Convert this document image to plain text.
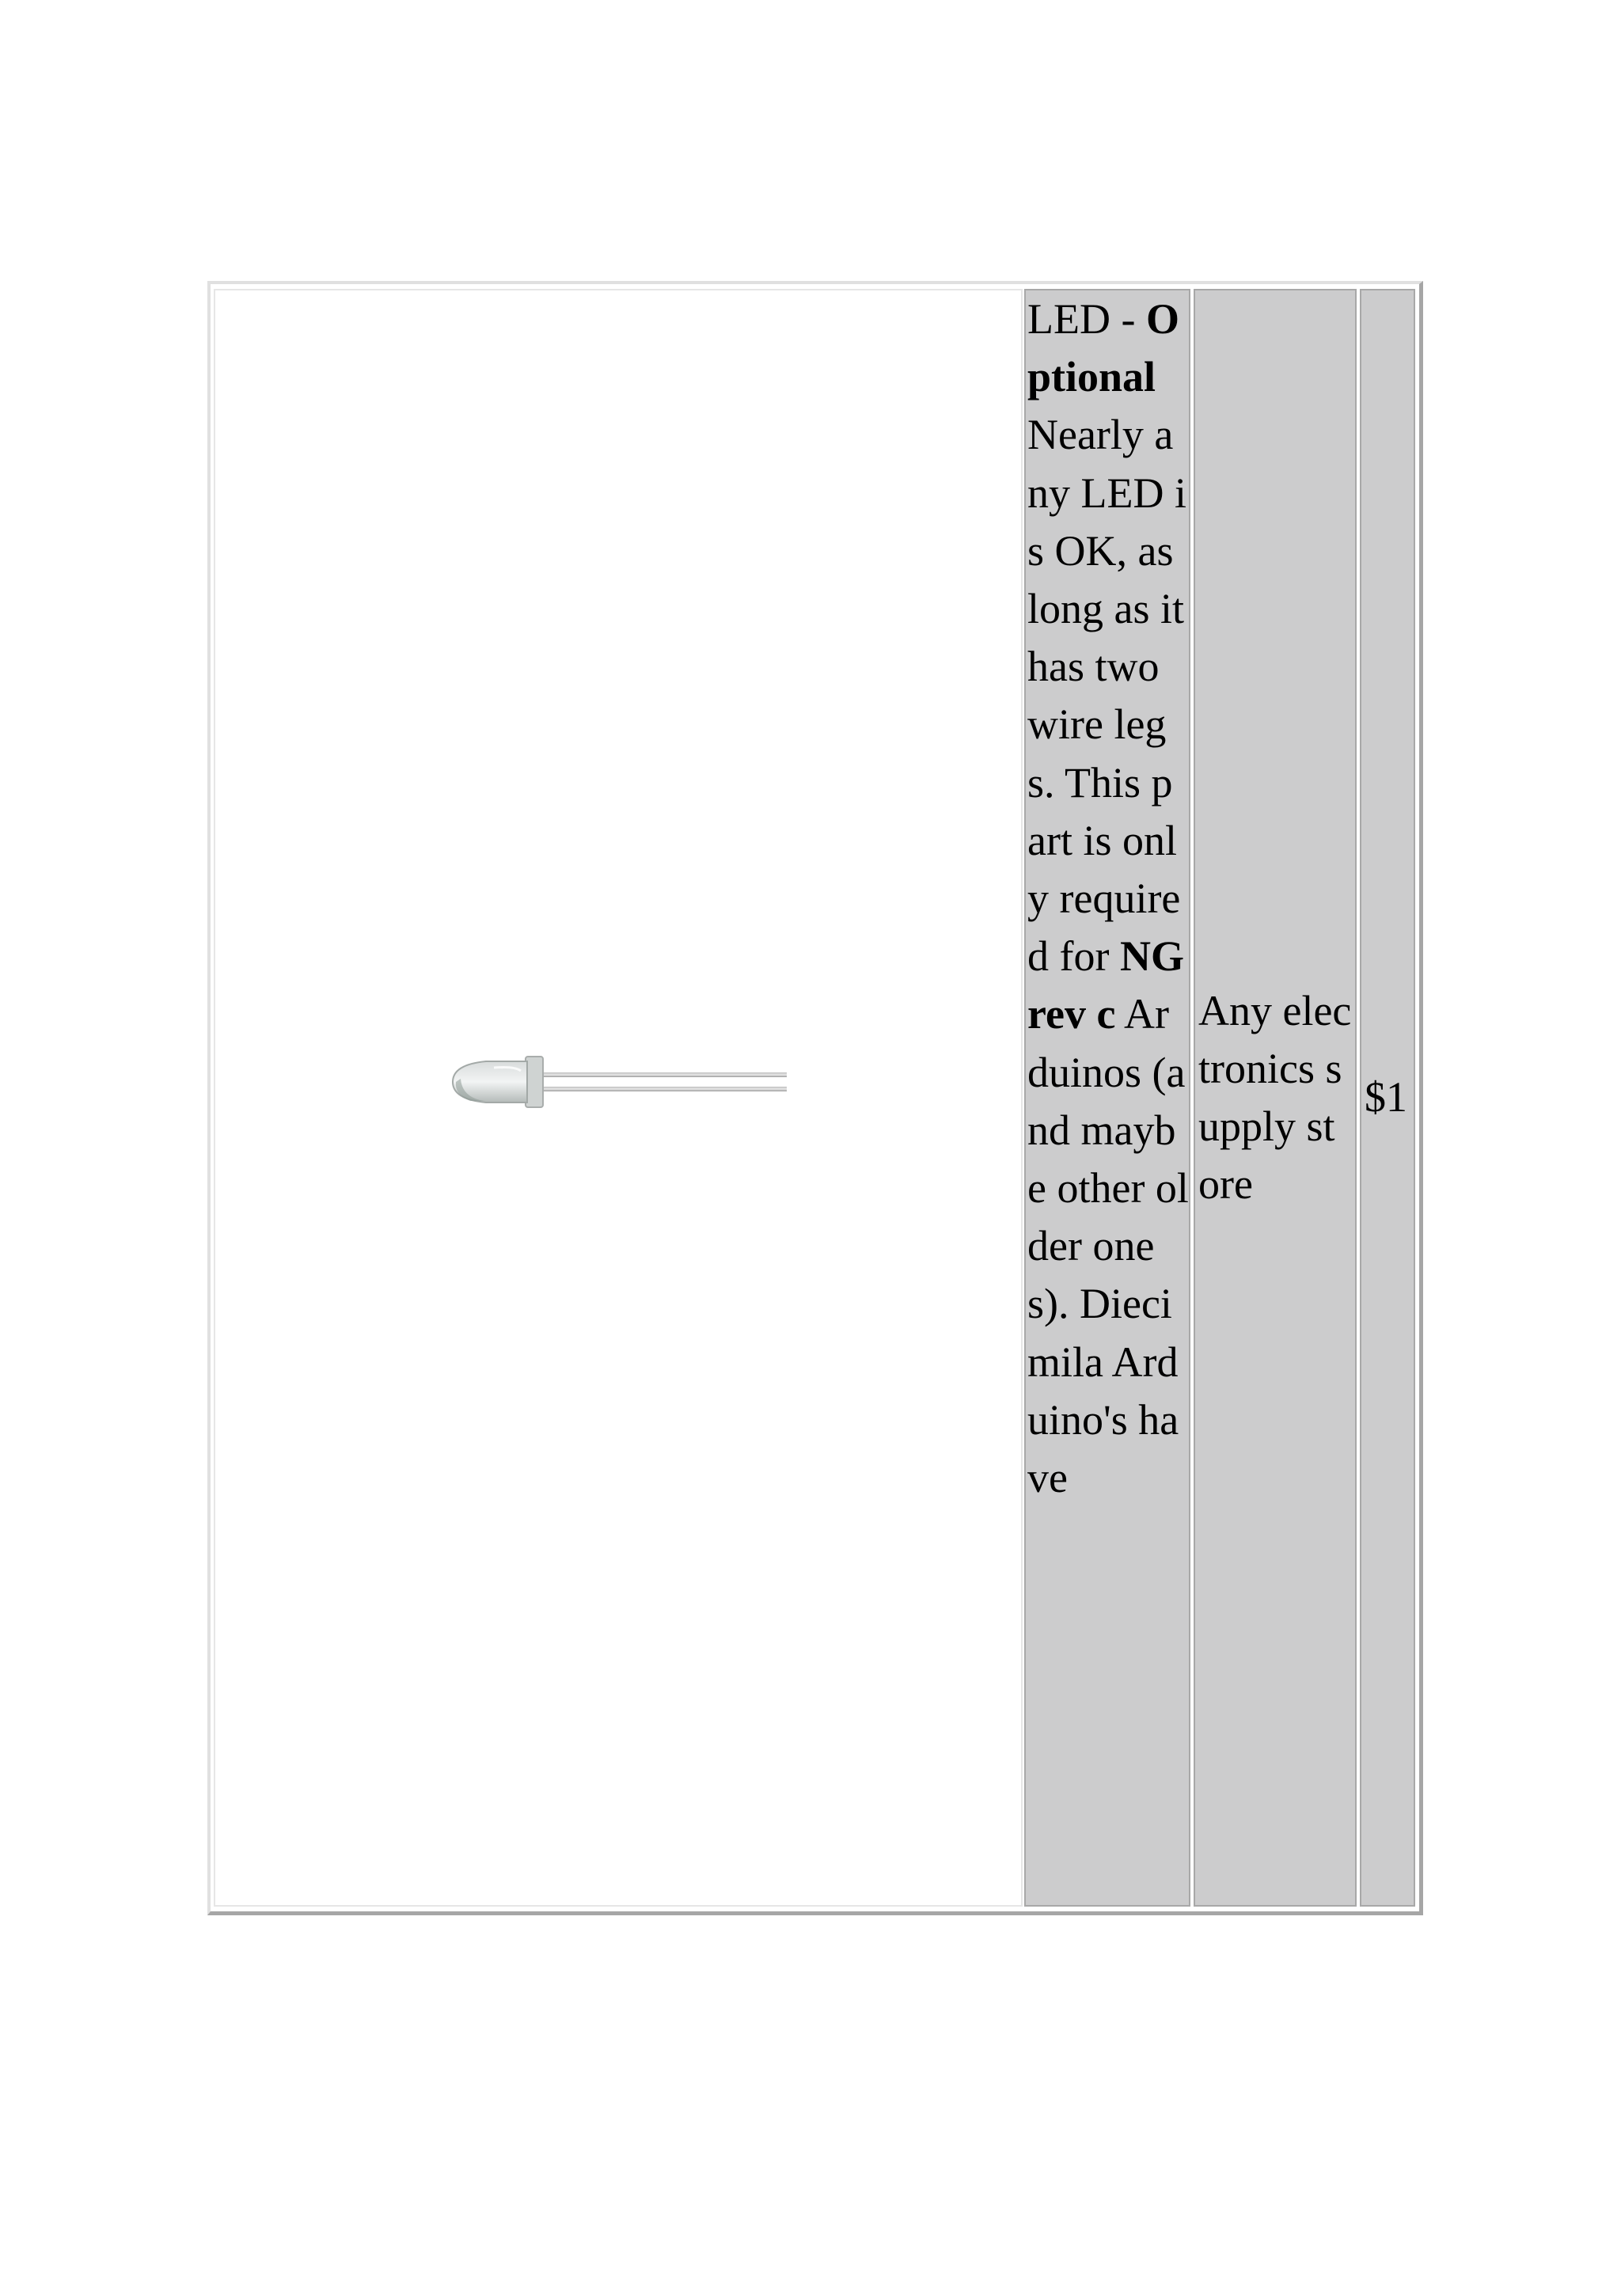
LED - Optional Nearly any LED is OK, as long as it has two wire legs. This part is only required for NG rev c Arduinos (and maybe other older ones). Diecimila Arduino's have
Any electronics supply store
$1
